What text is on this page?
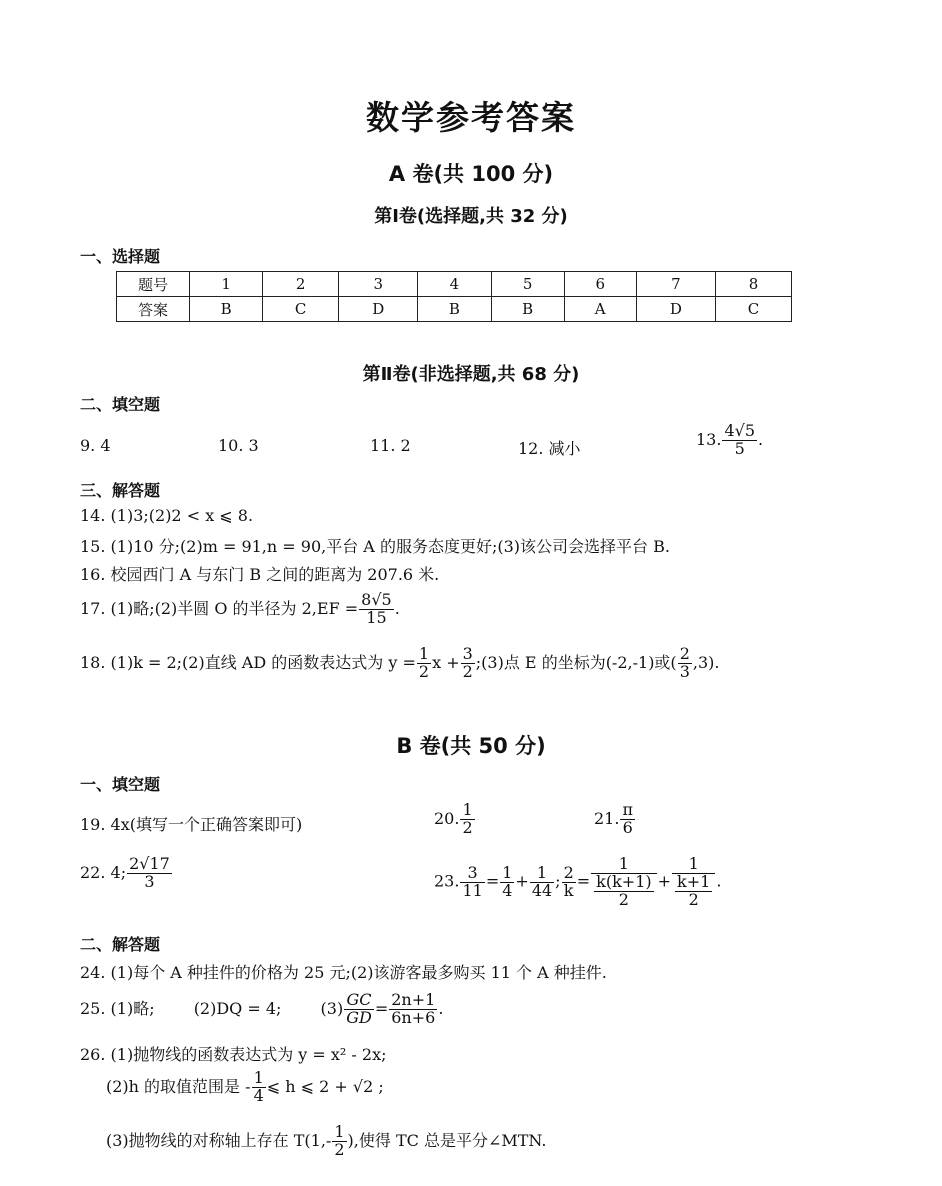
数学参考答案
A 卷(共 100 分)
第Ⅰ卷(选择题,共 32 分)
一、选择题
题号	1	2	3	4	5	6	7	8
答案	B	C	D	B	B	A	D	C
第Ⅱ卷(非选择题,共 68 分)
二、填空题
9. 4	10. 3	11. 2	12. 减小	13. $\frac{4√5}{5}$ .
三、解答题
14. (1)3;(2)2 < x ⩽ 8.
15. (1)10 分;(2)m = 91,n = 90,平台 A 的服务态度更好;(3)该公司会选择平台 B.
16. 校园西门 A 与东门 B 之间的距离为 207.6 米.
17. (1)略;(2)半圆 O 的半径为 $2,EF = \frac{8√5}{15}$ .
18. (1)k = 2;(2)直线 AD 的函数表达式为 $y = \frac{1}{2}$ $x + \frac{3}{2}$ ;(3)点 E 的坐标为(-2,-1)或( $\frac{2}{3} ,3$).
B 卷(共 50 分)
一、填空题
19. 4x(填写一个正确答案即可)	20. $\frac{1}{2}$	21. $\frac{\pi}{6}$
22. 4; $\frac{2√17}{3}$	23. $\frac{3}{11} = \frac{1}{4} + \frac{1}{44}$ ; $\frac{2}{k} = \frac{1}{\frac{k(k+1)}{2}} + \frac{1}{\frac{k+1}{2}}$ .
二、解答题
24. (1)每个 A 种挂件的价格为 25 元;(2)该游客最多购买 11 个 A 种挂件.
25. (1)略; (2)DQ = 4; $(3) \frac{GC}{GD} = \frac{2n+1}{6n+6}$ .
26. (1)抛物线的函数表达式为 y = x² - 2x;
(2)h 的取值范围是 - $\frac{1}{4}$ ⩽ h ⩽ 2 + √2 ;
(3)抛物线的对称轴上存在 $T(1,- \frac{1}{2}$ ),使得 TC 总是平分∠MTN.
